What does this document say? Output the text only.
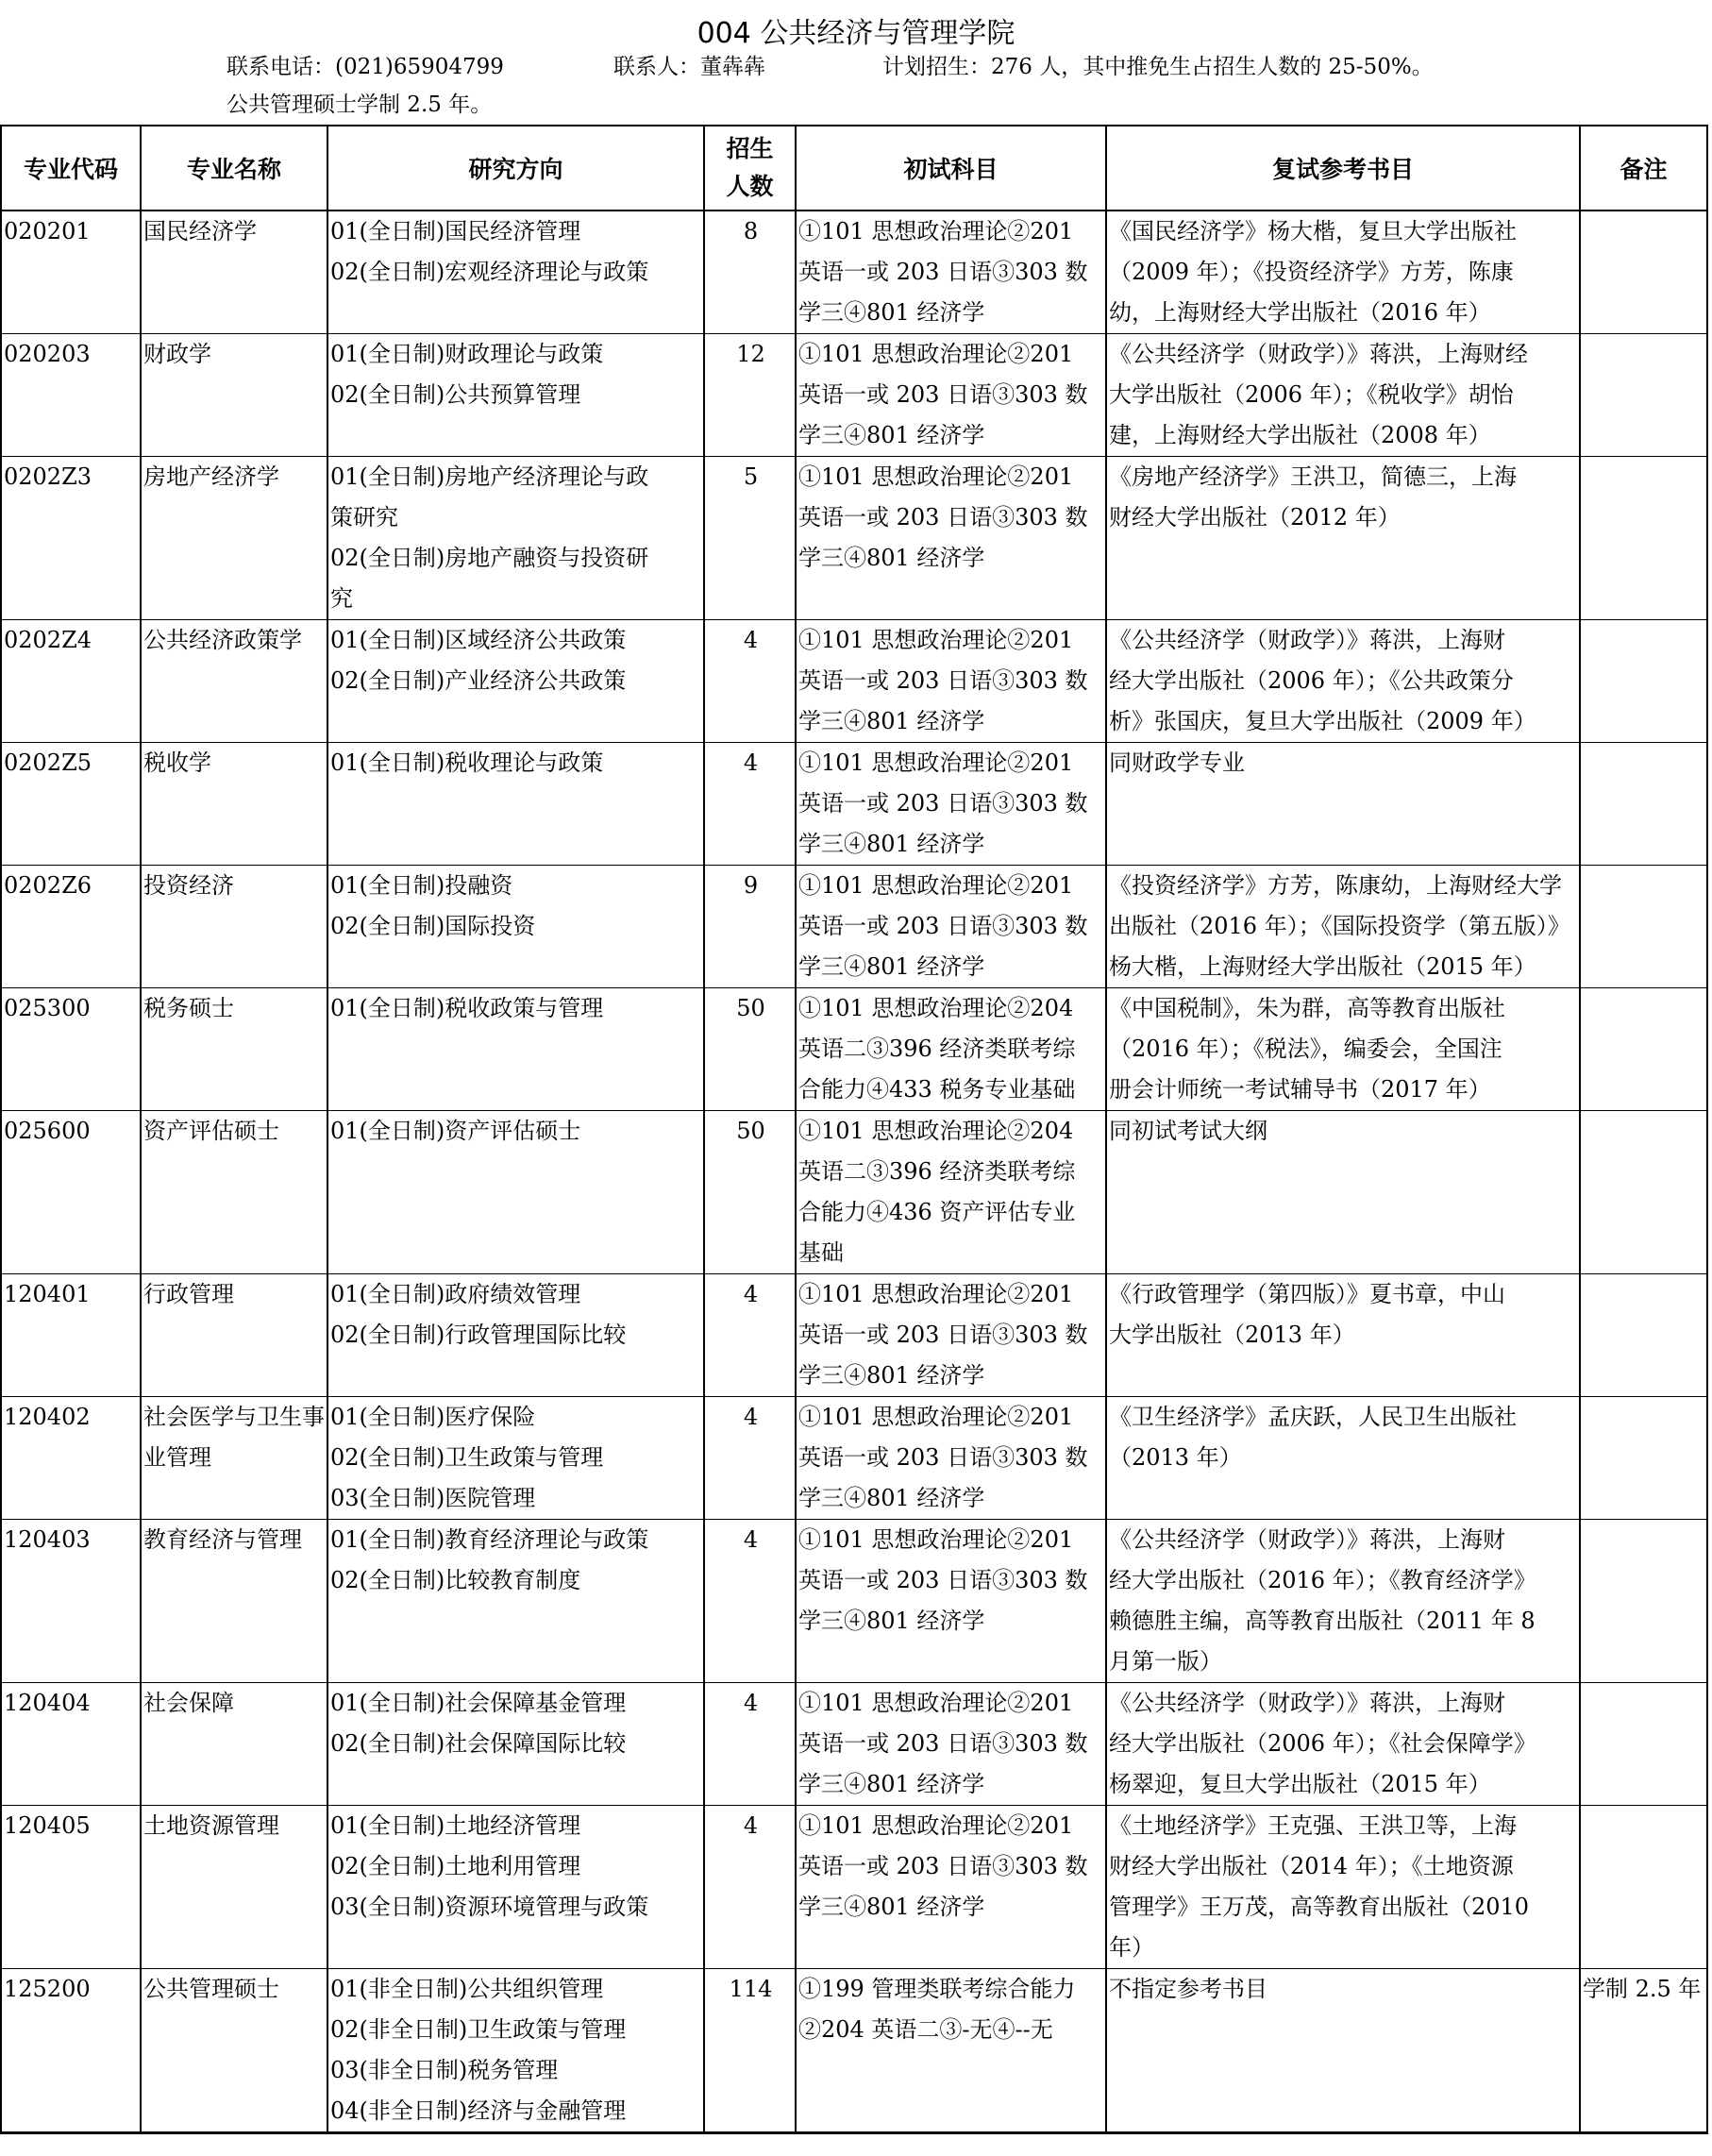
004 公共经济与管理学院
联系电话：(021)65904799	联系人：董犇犇	计划招生：276 人，其中推免生占招生人数的 25-50%。
公共管理硕士学制 2.5 年。
专业代码	专业名称	研究方向	招生人数	初试科目	复试参考书目	备注

020201	国民经济学	01(全日制)国民经济管理
02(全日制)宏观经济理论与政策	8	①101 思想政治理论②201
英语一或 203 日语③303 数
学三④801 经济学	《国民经济学》杨大楷，复旦大学出版社
（2009 年）；《投资经济学》方芳，陈康
幼，上海财经大学出版社（2016 年）	

020203	财政学	01(全日制)财政理论与政策
02(全日制)公共预算管理	12	①101 思想政治理论②201
英语一或 203 日语③303 数
学三④801 经济学	《公共经济学（财政学）》蒋洪，上海财经
大学出版社（2006 年）；《税收学》胡怡
建，上海财经大学出版社（2008 年）	

0202Z3	房地产经济学	01(全日制)房地产经济理论与政
策研究
02(全日制)房地产融资与投资研
究	5	①101 思想政治理论②201
英语一或 203 日语③303 数
学三④801 经济学	《房地产经济学》王洪卫，简德三，上海
财经大学出版社（2012 年）	

0202Z4	公共经济政策学	01(全日制)区域经济公共政策
02(全日制)产业经济公共政策	4	①101 思想政治理论②201
英语一或 203 日语③303 数
学三④801 经济学	《公共经济学（财政学）》蒋洪，上海财
经大学出版社（2006 年）；《公共政策分
析》张国庆，复旦大学出版社（2009 年）	

0202Z5	税收学	01(全日制)税收理论与政策	4	①101 思想政治理论②201
英语一或 203 日语③303 数
学三④801 经济学	同财政学专业	

0202Z6	投资经济	01(全日制)投融资
02(全日制)国际投资	9	①101 思想政治理论②201
英语一或 203 日语③303 数
学三④801 经济学	《投资经济学》方芳，陈康幼，上海财经大学
出版社（2016 年）；《国际投资学（第五版）》
杨大楷，上海财经大学出版社（2015 年）	

025300	税务硕士	01(全日制)税收政策与管理	50	①101 思想政治理论②204
英语二③396 经济类联考综
合能力④433 税务专业基础	《中国税制》，朱为群，高等教育出版社
（2016 年）；《税法》，编委会，全国注
册会计师统一考试辅导书（2017 年）	

025600	资产评估硕士	01(全日制)资产评估硕士	50	①101 思想政治理论②204
英语二③396 经济类联考综
合能力④436 资产评估专业
基础	同初试考试大纲	

120401	行政管理	01(全日制)政府绩效管理
02(全日制)行政管理国际比较	4	①101 思想政治理论②201
英语一或 203 日语③303 数
学三④801 经济学	《行政管理学（第四版）》夏书章，中山
大学出版社（2013 年）	

120402	社会医学与卫生事业管理	01(全日制)医疗保险
02(全日制)卫生政策与管理
03(全日制)医院管理	4	①101 思想政治理论②201
英语一或 203 日语③303 数
学三④801 经济学	《卫生经济学》孟庆跃，人民卫生出版社
（2013 年）	

120403	教育经济与管理	01(全日制)教育经济理论与政策
02(全日制)比较教育制度	4	①101 思想政治理论②201
英语一或 203 日语③303 数
学三④801 经济学	《公共经济学（财政学）》蒋洪，上海财
经大学出版社（2016 年）；《教育经济学》
赖德胜主编，高等教育出版社（2011 年 8
月第一版）	

120404	社会保障	01(全日制)社会保障基金管理
02(全日制)社会保障国际比较	4	①101 思想政治理论②201
英语一或 203 日语③303 数
学三④801 经济学	《公共经济学（财政学）》蒋洪，上海财
经大学出版社（2006 年）；《社会保障学》
杨翠迎，复旦大学出版社（2015 年）	

120405	土地资源管理	01(全日制)土地经济管理
02(全日制)土地利用管理
03(全日制)资源环境管理与政策	4	①101 思想政治理论②201
英语一或 203 日语③303 数
学三④801 经济学	《土地经济学》王克强、王洪卫等，上海
财经大学出版社（2014 年）；《土地资源
管理学》王万茂，高等教育出版社（2010
年）	

125200	公共管理硕士	01(非全日制)公共组织管理
02(非全日制)卫生政策与管理
03(非全日制)税务管理
04(非全日制)经济与金融管理	114	①199 管理类联考综合能力
②204 英语二③-无④--无	不指定参考书目	学制 2.5 年
